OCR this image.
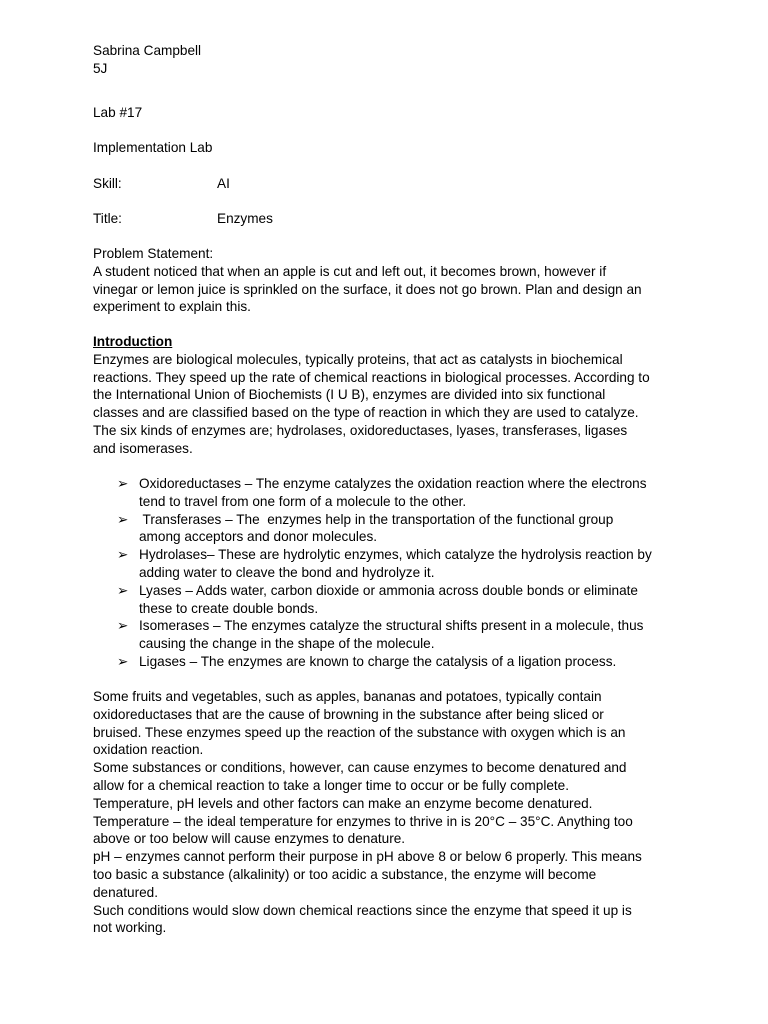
Sabrina Campbell
5J
Lab #17
Implementation Lab
Skill:	AI
Title:	Enzymes
Problem Statement:
A student noticed that when an apple is cut and left out, it becomes brown, however if
vinegar or lemon juice is sprinkled on the surface, it does not go brown. Plan and design an
experiment to explain this.
Introduction
Enzymes are biological molecules, typically proteins, that act as catalysts in biochemical
reactions. They speed up the rate of chemical reactions in biological processes. According to
the International Union of Biochemists (I U B), enzymes are divided into six functional
classes and are classified based on the type of reaction in which they are used to catalyze.
The six kinds of enzymes are; hydrolases, oxidoreductases, lyases, transferases, ligases
and isomerases.
➢ Oxidoreductases – The enzyme catalyzes the oxidation reaction where the electrons
tend to travel from one form of a molecule to the other.
➢ Transferases – The  enzymes help in the transportation of the functional group
among acceptors and donor molecules.
➢ Hydrolases– These are hydrolytic enzymes, which catalyze the hydrolysis reaction by
adding water to cleave the bond and hydrolyze it.
➢ Lyases – Adds water, carbon dioxide or ammonia across double bonds or eliminate
these to create double bonds.
➢ Isomerases – The enzymes catalyze the structural shifts present in a molecule, thus
causing the change in the shape of the molecule.
➢ Ligases – The enzymes are known to charge the catalysis of a ligation process.
Some fruits and vegetables, such as apples, bananas and potatoes, typically contain
oxidoreductases that are the cause of browning in the substance after being sliced or
bruised. These enzymes speed up the reaction of the substance with oxygen which is an
oxidation reaction.
Some substances or conditions, however, can cause enzymes to become denatured and
allow for a chemical reaction to take a longer time to occur or be fully complete.
Temperature, pH levels and other factors can make an enzyme become denatured.
Temperature – the ideal temperature for enzymes to thrive in is 20°C – 35°C. Anything too
above or too below will cause enzymes to denature.
pH – enzymes cannot perform their purpose in pH above 8 or below 6 properly. This means
too basic a substance (alkalinity) or too acidic a substance, the enzyme will become
denatured.
Such conditions would slow down chemical reactions since the enzyme that speed it up is
not working.
